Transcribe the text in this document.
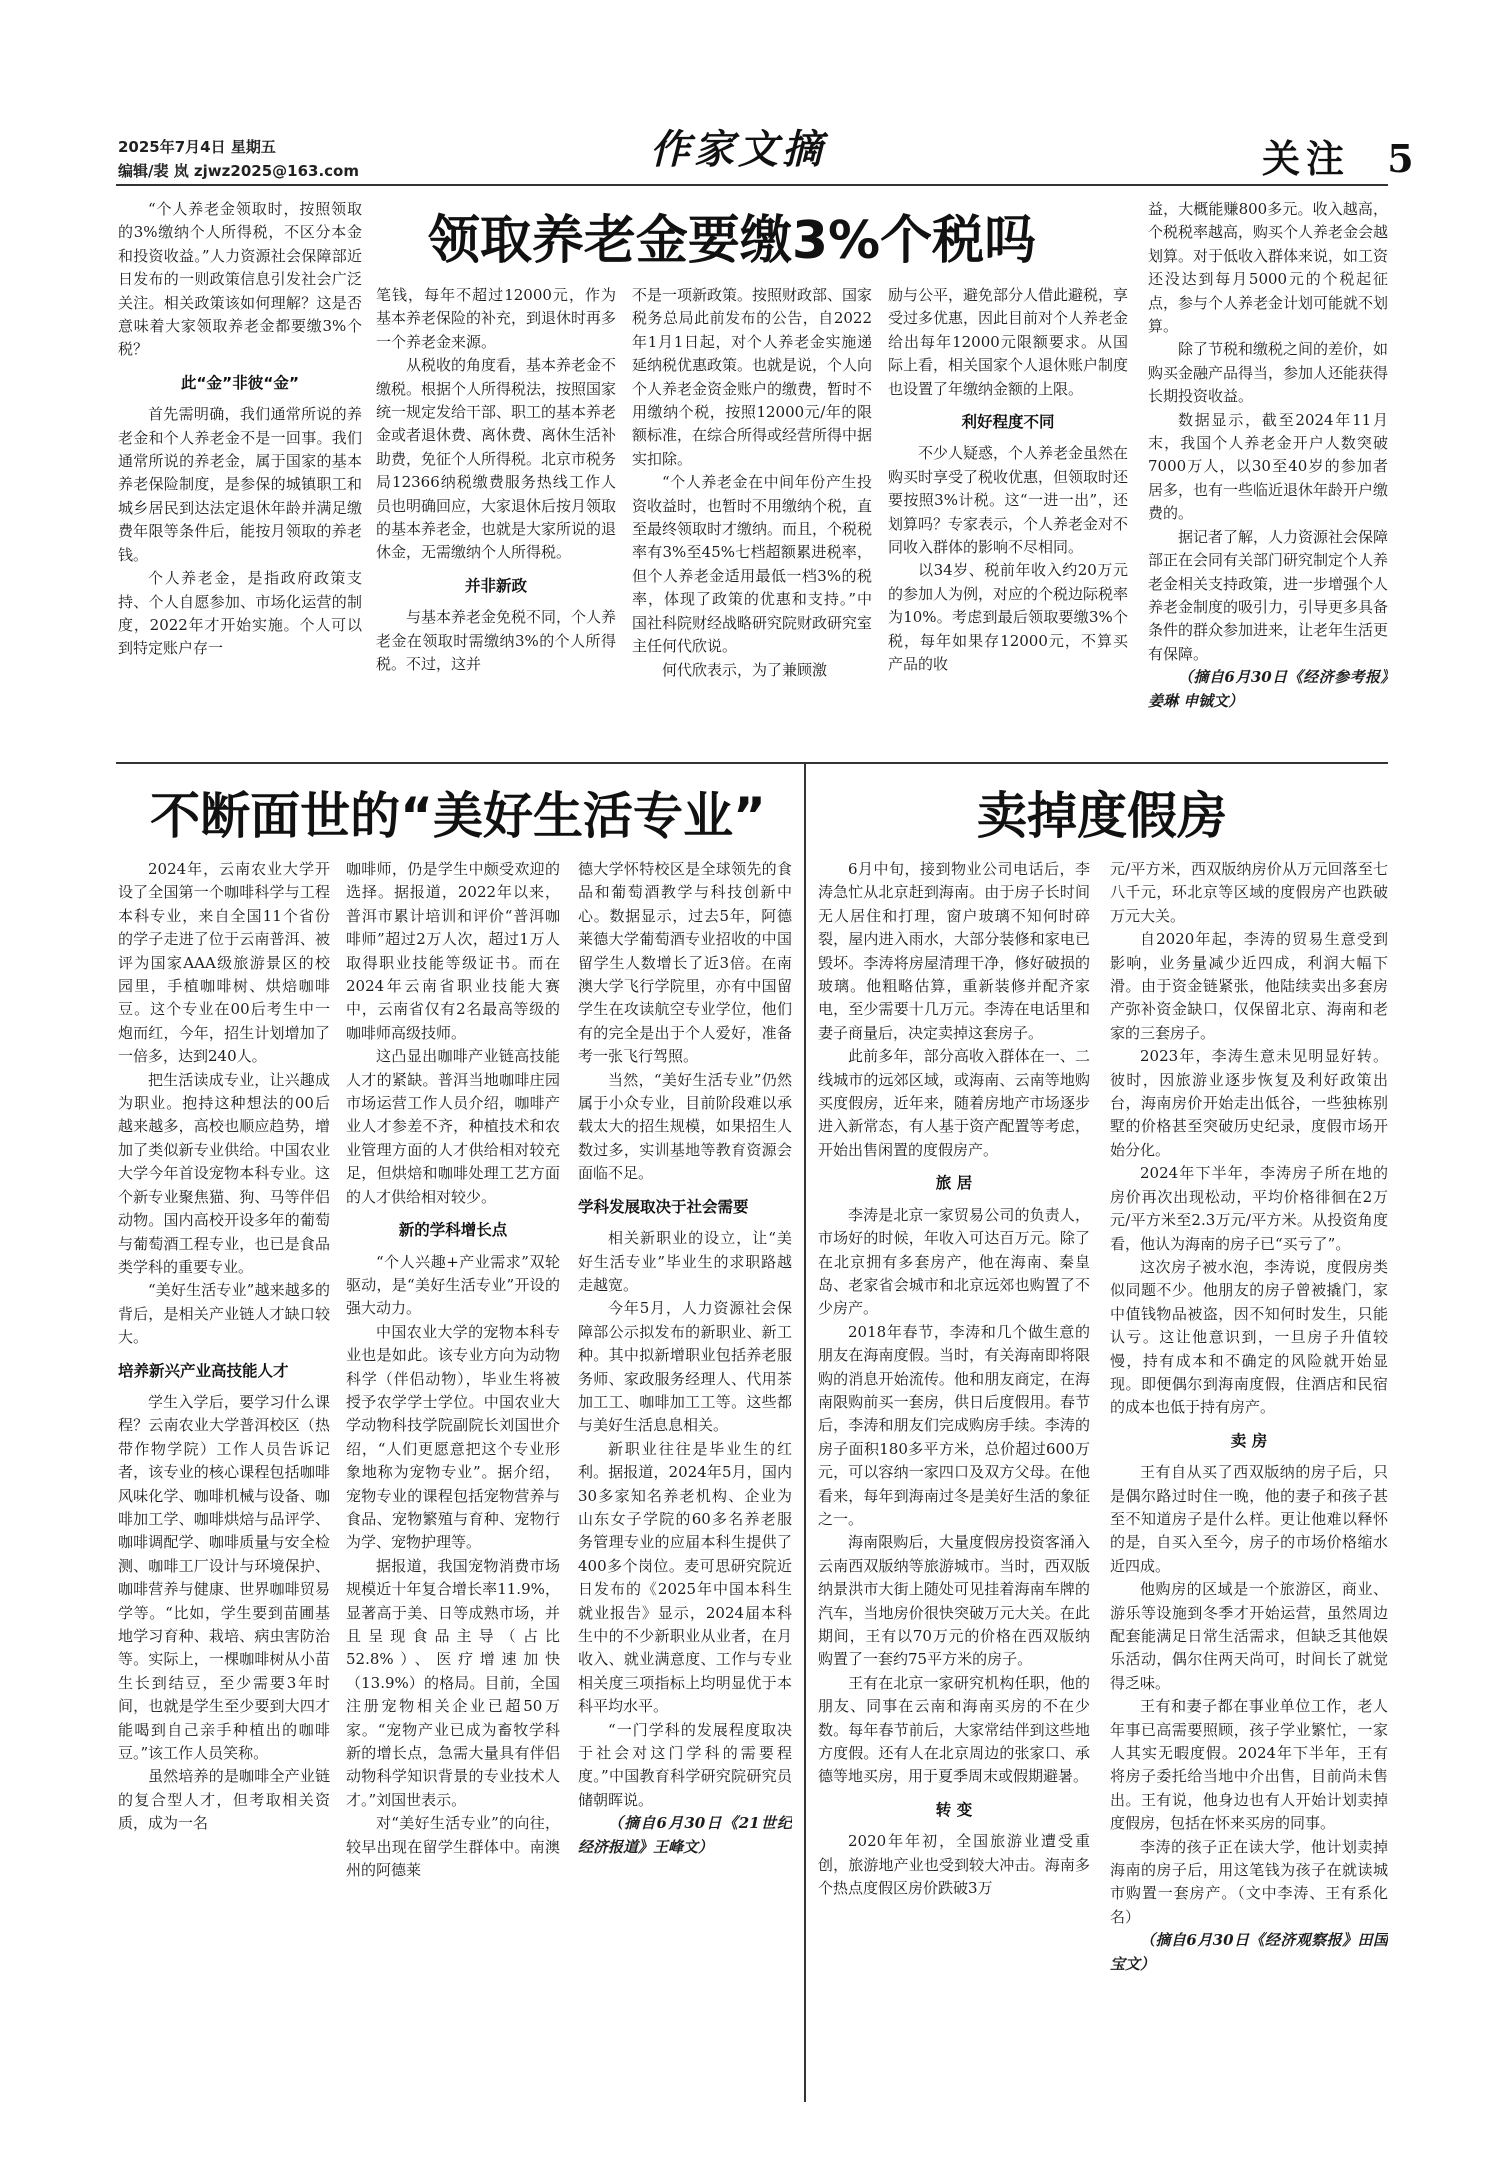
2025年7月4日 星期五
编辑/裴 岚 zjwz2025@163.com	作家文摘	关注 5
领取养老金要缴3%个税吗

“个人养老金领取时，按照领取的3%缴纳个人所得税，不区分本金和投资收益。”人力资源社会保障部近日发布的一则政策信息引发社会广泛关注。相关政策该如何理解？这是否意味着大家领取养老金都要缴3%个税？

此“金”非彼“金”

首先需明确，我们通常所说的养老金和个人养老金不是一回事。我们通常所说的养老金，属于国家的基本养老保险制度，是参保的城镇职工和城乡居民到达法定退休年龄并满足缴费年限等条件后，能按月领取的养老钱。

个人养老金，是指政府政策支持、个人自愿参加、市场化运营的制度，2022年才开始实施。个人可以到特定账户存一

笔钱，每年不超过12000元，作为基本养老保险的补充，到退休时再多一个养老金来源。

从税收的角度看，基本养老金不缴税。根据个人所得税法，按照国家统一规定发给干部、职工的基本养老金或者退休费、离休费、离休生活补助费，免征个人所得税。北京市税务局12366纳税缴费服务热线工作人员也明确回应，大家退休后按月领取的基本养老金，也就是大家所说的退休金，无需缴纳个人所得税。

并非新政

与基本养老金免税不同，个人养老金在领取时需缴纳3%的个人所得税。不过，这并

不是一项新政策。按照财政部、国家税务总局此前发布的公告，自2022年1月1日起，对个人养老金实施递延纳税优惠政策。也就是说，个人向个人养老金资金账户的缴费，暂时不用缴纳个税，按照12000元/年的限额标准，在综合所得或经营所得中据实扣除。

“个人养老金在中间年份产生投资收益时，也暂时不用缴纳个税，直至最终领取时才缴纳。而且，个税税率有3%至45%七档超额累进税率，但个人养老金适用最低一档3%的税率，体现了政策的优惠和支持。”中国社科院财经战略研究院财政研究室主任何代欣说。

何代欣表示，为了兼顾激

励与公平，避免部分人借此避税，享受过多优惠，因此目前对个人养老金给出每年12000元限额要求。从国际上看，相关国家个人退休账户制度也设置了年缴纳金额的上限。

利好程度不同

不少人疑惑，个人养老金虽然在购买时享受了税收优惠，但领取时还要按照3%计税。这“一进一出”，还划算吗？专家表示，个人养老金对不同收入群体的影响不尽相同。

以34岁、税前年收入约20万元的参加人为例，对应的个税边际税率为10%。考虑到最后领取要缴3%个税，每年如果存12000元，不算买产品的收

益，大概能赚800多元。收入越高，个税税率越高，购买个人养老金会越划算。对于低收入群体来说，如工资还没达到每月5000元的个税起征点，参与个人养老金计划可能就不划算。

除了节税和缴税之间的差价，如购买金融产品得当，参加人还能获得长期投资收益。

数据显示，截至2024年11月末，我国个人养老金开户人数突破7000万人，以30至40岁的参加者居多，也有一些临近退休年龄开户缴费的。

据记者了解，人力资源社会保障部正在会同有关部门研究制定个人养老金相关支持政策，进一步增强个人养老金制度的吸引力，引导更多具备条件的群众参加进来，让老年生活更有保障。

（摘自6月30日《经济参考报》姜琳 申铖文）

不断面世的“美好生活专业”

2024年，云南农业大学开设了全国第一个咖啡科学与工程本科专业，来自全国11个省份的学子走进了位于云南普洱、被评为国家AAA级旅游景区的校园里，手植咖啡树、烘焙咖啡豆。这个专业在00后考生中一炮而红，今年，招生计划增加了一倍多，达到240人。

把生活读成专业，让兴趣成为职业。抱持这种想法的00后越来越多，高校也顺应趋势，增加了类似新专业供给。中国农业大学今年首设宠物本科专业。这个新专业聚焦猫、狗、马等伴侣动物。国内高校开设多年的葡萄与葡萄酒工程专业，也已是食品类学科的重要专业。

“美好生活专业”越来越多的背后，是相关产业链人才缺口较大。

培养新兴产业高技能人才

学生入学后，要学习什么课程？云南农业大学普洱校区（热带作物学院）工作人员告诉记者，该专业的核心课程包括咖啡风味化学、咖啡机械与设备、咖啡加工学、咖啡烘焙与品评学、咖啡调配学、咖啡质量与安全检测、咖啡工厂设计与环境保护、咖啡营养与健康、世界咖啡贸易学等。“比如，学生要到苗圃基地学习育种、栽培、病虫害防治等。实际上，一棵咖啡树从小苗生长到结豆，至少需要3年时间，也就是学生至少要到大四才能喝到自己亲手种植出的咖啡豆。”该工作人员笑称。

虽然培养的是咖啡全产业链的复合型人才，但考取相关资质，成为一名

咖啡师，仍是学生中颇受欢迎的选择。据报道，2022年以来，普洱市累计培训和评价“普洱咖啡师”超过2万人次，超过1万人取得职业技能等级证书。而在2024年云南省职业技能大赛中，云南省仅有2名最高等级的咖啡师高级技师。

这凸显出咖啡产业链高技能人才的紧缺。普洱当地咖啡庄园市场运营工作人员介绍，咖啡产业人才参差不齐，种植技术和农业管理方面的人才供给相对较充足，但烘焙和咖啡处理工艺方面的人才供给相对较少。

新的学科增长点

“个人兴趣+产业需求”双轮驱动，是“美好生活专业”开设的强大动力。

中国农业大学的宠物本科专业也是如此。该专业方向为动物科学（伴侣动物），毕业生将被授予农学学士学位。中国农业大学动物科技学院副院长刘国世介绍，“人们更愿意把这个专业形象地称为宠物专业”。据介绍，宠物专业的课程包括宠物营养与食品、宠物繁殖与育种、宠物行为学、宠物护理等。

据报道，我国宠物消费市场规模近十年复合增长率11.9%，显著高于美、日等成熟市场，并且呈现食品主导（占比52.8%）、医疗增速加快（13.9%）的格局。目前，全国注册宠物相关企业已超50万家。“宠物产业已成为畜牧学科新的增长点，急需大量具有伴侣动物科学知识背景的专业技术人才。”刘国世表示。

对“美好生活专业”的向往，较早出现在留学生群体中。南澳州的阿德莱

德大学怀特校区是全球领先的食品和葡萄酒教学与科技创新中心。数据显示，过去5年，阿德莱德大学葡萄酒专业招收的中国留学生人数增长了近3倍。在南澳大学飞行学院里，亦有中国留学生在攻读航空专业学位，他们有的完全是出于个人爱好，准备考一张飞行驾照。

当然，“美好生活专业”仍然属于小众专业，目前阶段难以承载太大的招生规模，如果招生人数过多，实训基地等教育资源会面临不足。

学科发展取决于社会需要

相关新职业的设立，让“美好生活专业”毕业生的求职路越走越宽。

今年5月，人力资源社会保障部公示拟发布的新职业、新工种。其中拟新增职业包括养老服务师、家政服务经理人、代用茶加工工、咖啡加工工等。这些都与美好生活息息相关。

新职业往往是毕业生的红利。据报道，2024年5月，国内30多家知名养老机构、企业为山东女子学院的60多名养老服务管理专业的应届本科生提供了400多个岗位。麦可思研究院近日发布的《2025年中国本科生就业报告》显示，2024届本科生中的不少新职业从业者，在月收入、就业满意度、工作与专业相关度三项指标上均明显优于本科平均水平。

“一门学科的发展程度取决于社会对这门学科的需要程度。”中国教育科学研究院研究员储朝晖说。

（摘自6月30日《21世纪经济报道》王峰文）

卖掉度假房

6月中旬，接到物业公司电话后，李涛急忙从北京赶到海南。由于房子长时间无人居住和打理，窗户玻璃不知何时碎裂，屋内进入雨水，大部分装修和家电已毁坏。李涛将房屋清理干净，修好破损的玻璃。他粗略估算，重新装修并配齐家电，至少需要十几万元。李涛在电话里和妻子商量后，决定卖掉这套房子。

此前多年，部分高收入群体在一、二线城市的远郊区域，或海南、云南等地购买度假房，近年来，随着房地产市场逐步进入新常态，有人基于资产配置等考虑，开始出售闲置的度假房产。

旅 居

李涛是北京一家贸易公司的负责人，市场好的时候，年收入可达百万元。除了在北京拥有多套房产，他在海南、秦皇岛、老家省会城市和北京远郊也购置了不少房产。

2018年春节，李涛和几个做生意的朋友在海南度假。当时，有关海南即将限购的消息开始流传。他和朋友商定，在海南限购前买一套房，供日后度假用。春节后，李涛和朋友们完成购房手续。李涛的房子面积180多平方米，总价超过600万元，可以容纳一家四口及双方父母。在他看来，每年到海南过冬是美好生活的象征之一。

海南限购后，大量度假房投资客涌入云南西双版纳等旅游城市。当时，西双版纳景洪市大街上随处可见挂着海南车牌的汽车，当地房价很快突破万元大关。在此期间，王有以70万元的价格在西双版纳购置了一套约75平方米的房子。

王有在北京一家研究机构任职，他的朋友、同事在云南和海南买房的不在少数。每年春节前后，大家常结伴到这些地方度假。还有人在北京周边的张家口、承德等地买房，用于夏季周末或假期避暑。

转 变

2020年年初，全国旅游业遭受重创，旅游地产业也受到较大冲击。海南多个热点度假区房价跌破3万

元/平方米，西双版纳房价从万元回落至七八千元，环北京等区域的度假房产也跌破万元大关。

自2020年起，李涛的贸易生意受到影响，业务量减少近四成，利润大幅下滑。由于资金链紧张，他陆续卖出多套房产弥补资金缺口，仅保留北京、海南和老家的三套房子。

2023年，李涛生意未见明显好转。彼时，因旅游业逐步恢复及利好政策出台，海南房价开始走出低谷，一些独栋别墅的价格甚至突破历史纪录，度假市场开始分化。

2024年下半年，李涛房子所在地的房价再次出现松动，平均价格徘徊在2万元/平方米至2.3万元/平方米。从投资角度看，他认为海南的房子已“买亏了”。

这次房子被水泡，李涛说，度假房类似同题不少。他朋友的房子曾被撬门，家中值钱物品被盗，因不知何时发生，只能认亏。这让他意识到，一旦房子升值较慢，持有成本和不确定的风险就开始显现。即便偶尔到海南度假，住酒店和民宿的成本也低于持有房产。

卖 房

王有自从买了西双版纳的房子后，只是偶尔路过时住一晚，他的妻子和孩子甚至不知道房子是什么样。更让他难以释怀的是，自买入至今，房子的市场价格缩水近四成。

他购房的区域是一个旅游区，商业、游乐等设施到冬季才开始运营，虽然周边配套能满足日常生活需求，但缺乏其他娱乐活动，偶尔住两天尚可，时间长了就觉得乏味。

王有和妻子都在事业单位工作，老人年事已高需要照顾，孩子学业繁忙，一家人其实无暇度假。2024年下半年，王有将房子委托给当地中介出售，目前尚未售出。王有说，他身边也有人开始计划卖掉度假房，包括在怀来买房的同事。

李涛的孩子正在读大学，他计划卖掉海南的房子后，用这笔钱为孩子在就读城市购置一套房产。（文中李涛、王有系化名）

（摘自6月30日《经济观察报》田国宝文）
